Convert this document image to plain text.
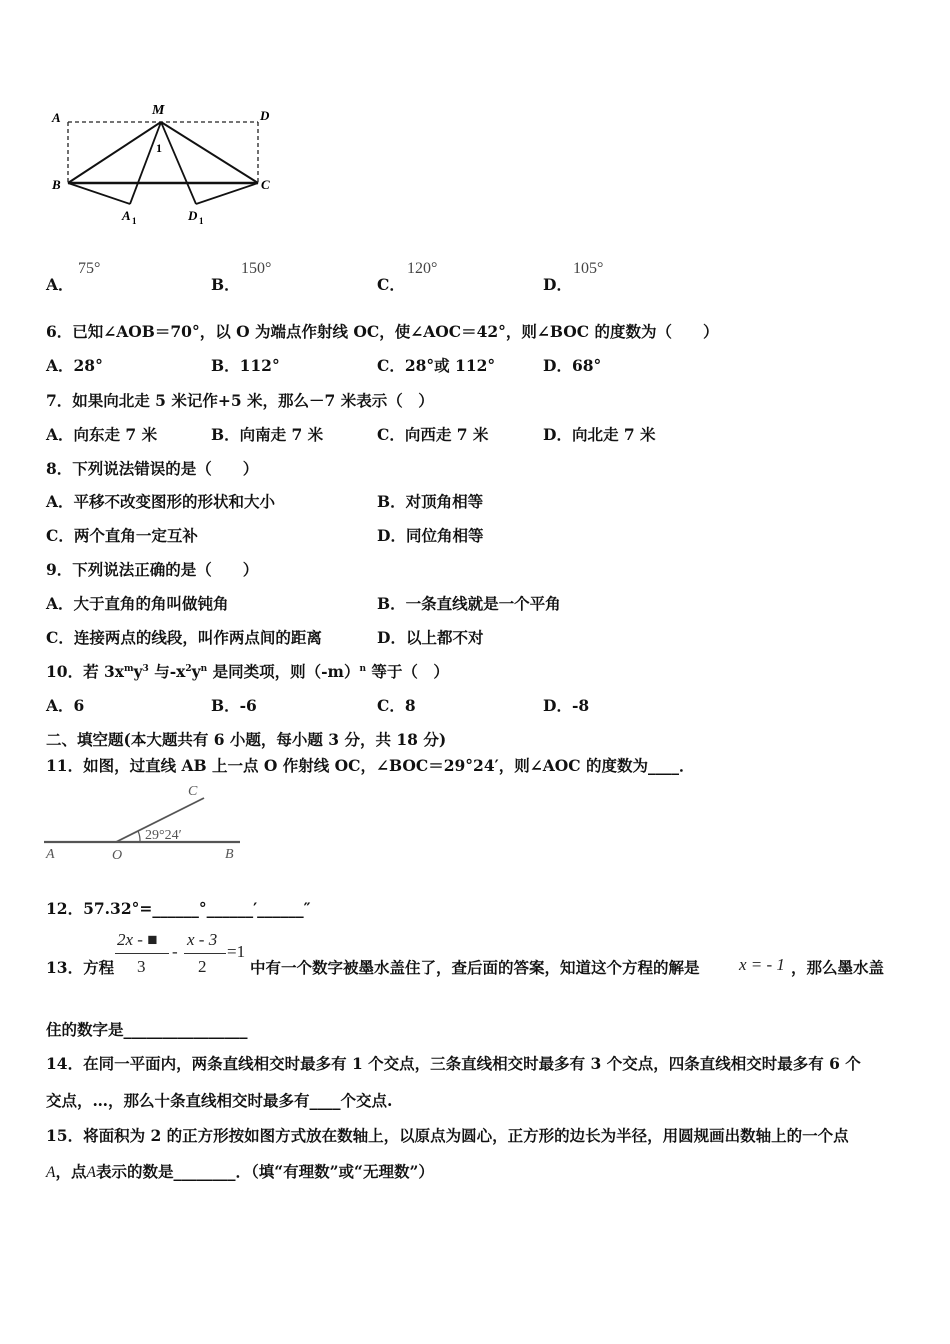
A	M	D
B	C
1
A 1	D 1
A．
75°
B．
150°
C．
120°
D．
105°
6．已知∠AOB＝70°，以 O 为端点作射线 OC，使∠AOC＝42°，则∠BOC 的度数为（　　）
A．28°	B．112°	C．28°或 112°	D．68°
7．如果向北走 5 米记作+5 米，那么－7 米表示（　）
A．向东走 7 米	B．向南走 7 米	C．向西走 7 米	D．向北走 7 米
8．下列说法错误的是（　　）
A．平移不改变图形的形状和大小	B．对顶角相等
C．两个直角一定互补	D．同位角相等
9．下列说法正确的是（　　）
A．大于直角的角叫做钝角	B．一条直线就是一个平角
C．连接两点的线段，叫作两点间的距离	D．以上都不对
10．若 $3x^my^3$ 与$-x^2y^n$ 是同类项，则$(-m)^n$ 等于（　）
A．6	B．-6	C．8	D．-8
二、填空题(本大题共有 6 小题，每小题 3 分，共 18 分)
11．如图，过直线 AB 上一点 O 作射线 OC，∠BOC＝29°24′，则∠AOC 的度数为____．
A	O	B
C
29°24′
12．57.32°=______°______′______″
13．方程
2x - ■
3
-
x - 3
2
=1
中有一个数字被墨水盖住了，查后面的答案，知道这个方程的解是 x = - 1 ，那么墨水盖
住的数字是________________
14．在同一平面内，两条直线相交时最多有 1 个交点，三条直线相交时最多有 3 个交点，四条直线相交时最多有 6 个
交点，…，那么十条直线相交时最多有____个交点.
15．将面积为 2 的正方形按如图方式放在数轴上，以原点为圆心，正方形的边长为半径，用圆规画出数轴上的一个点
A，点A表示的数是________．（填“有理数”或“无理数”）
